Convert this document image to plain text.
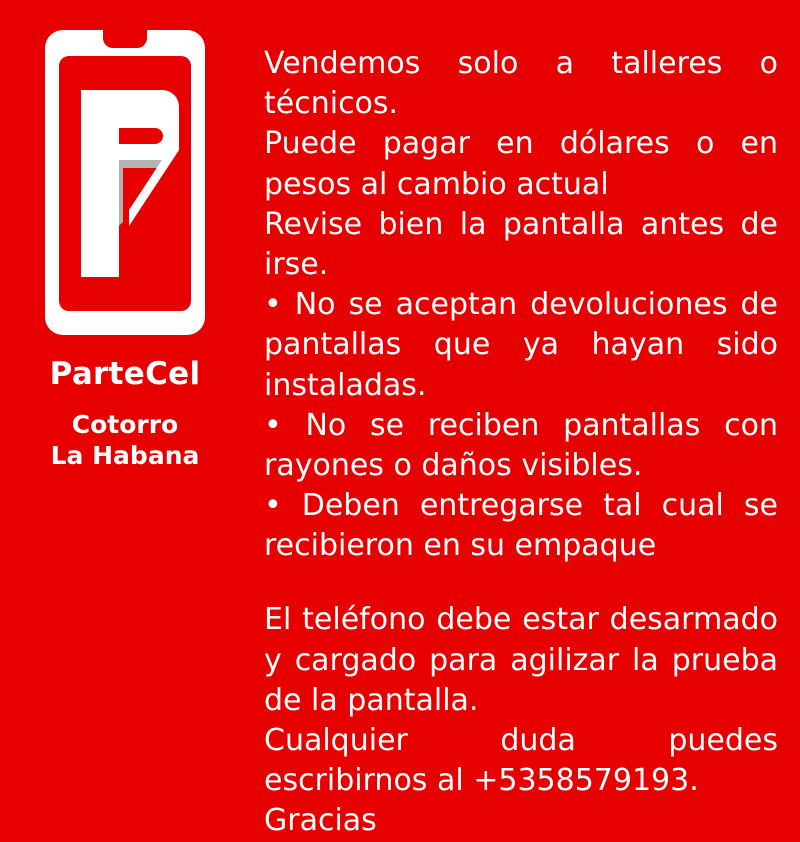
ParteCel
Cotorro
La Habana

Vendemos solo a talleres o técnicos.

Puede pagar en dólares o en pesos al cambio actual

Revise bien la pantalla antes de irse.

• No se aceptan devoluciones de pantallas que ya hayan sido instaladas.

• No se reciben pantallas con rayones o daños visibles.

• Deben entregarse tal cual se recibieron en su empaque

El teléfono debe estar desarmado y cargado para agilizar la prueba de la pantalla.

Cualquier duda puedes escribirnos al +5358579193.

Gracias
